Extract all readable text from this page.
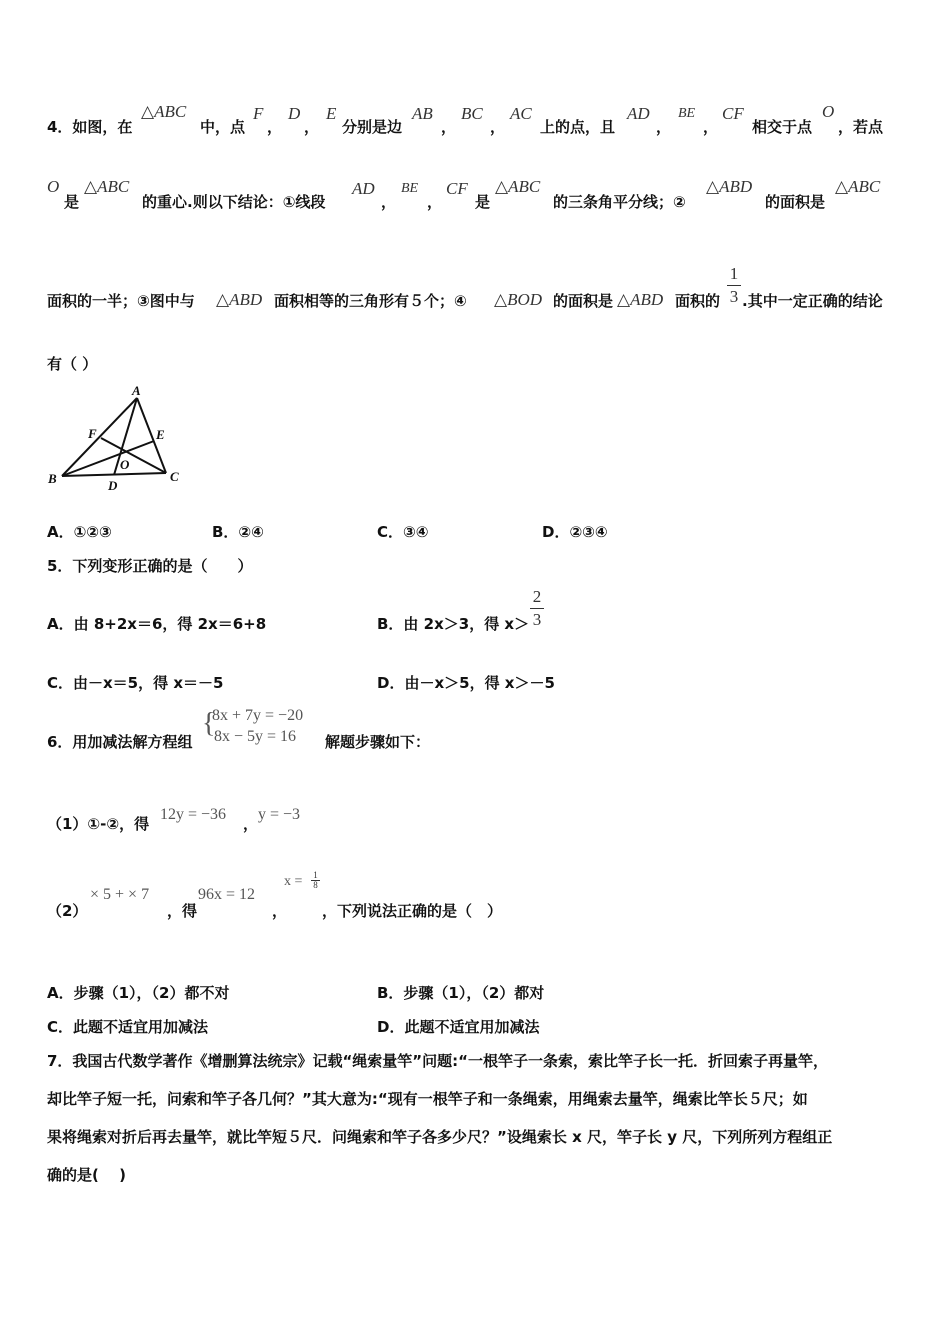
4．如图，在
△ABC
中，点
F
，
D
，
E
分别是边
AB
，
BC
，
AC
上的点，且
AD
，
BE
，
CF
相交于点
O
，若点
O
是
△ABC
的重心.则以下结论：①线段
AD
，
BE
，
CF
是
△ABC
的三条角平分线；②
△ABD
的面积是
△ABC
面积的一半；③图中与 △ABD 面积相等的三角形有５个；④ △BOD 的面积是 △ABD 面积的
1
3 .其中一定正确的结论
有（ ）
A
B	C
D
E
F
O
A．①②③	B．②④	C．③④	D．②③④
5．下列变形正确的是（　　）
A．由 8+2x＝6，得 2x＝6+8	B．由 2x＞3，得 x＞
2
3
C．由－x＝5，得 x＝－5	D．由－x＞5，得 x＞－5
6．用加减法解方程组
{
8x + 7y = −20
8x − 5y = 16 解题步骤如下：
（1）①-②，得
12y = −36
，
y = −3
（2）
× 5 + × 7
，得
96x = 12
，
x = 1
8
，下列说法正确的是（　）
A．步骤（1），（2）都不对	B．步骤（1），（2）都对
C．此题不适宜用加减法	D．此题不适宜用加减法
7．我国古代数学著作《增删算法统宗》记载“绳索量竿”问题:“一根竿子一条索，索比竿子长一托．折回索子再量竿，
却比竿子短一托，问索和竿子各几何？”其大意为:“现有一根竿子和一条绳索，用绳索去量竿，绳索比竿长５尺；如
果将绳索对折后再去量竿，就比竿短５尺．问绳索和竿子各多少尺？”设绳索长 x 尺，竿子长 y 尺，下列所列方程组正
确的是(　 )
